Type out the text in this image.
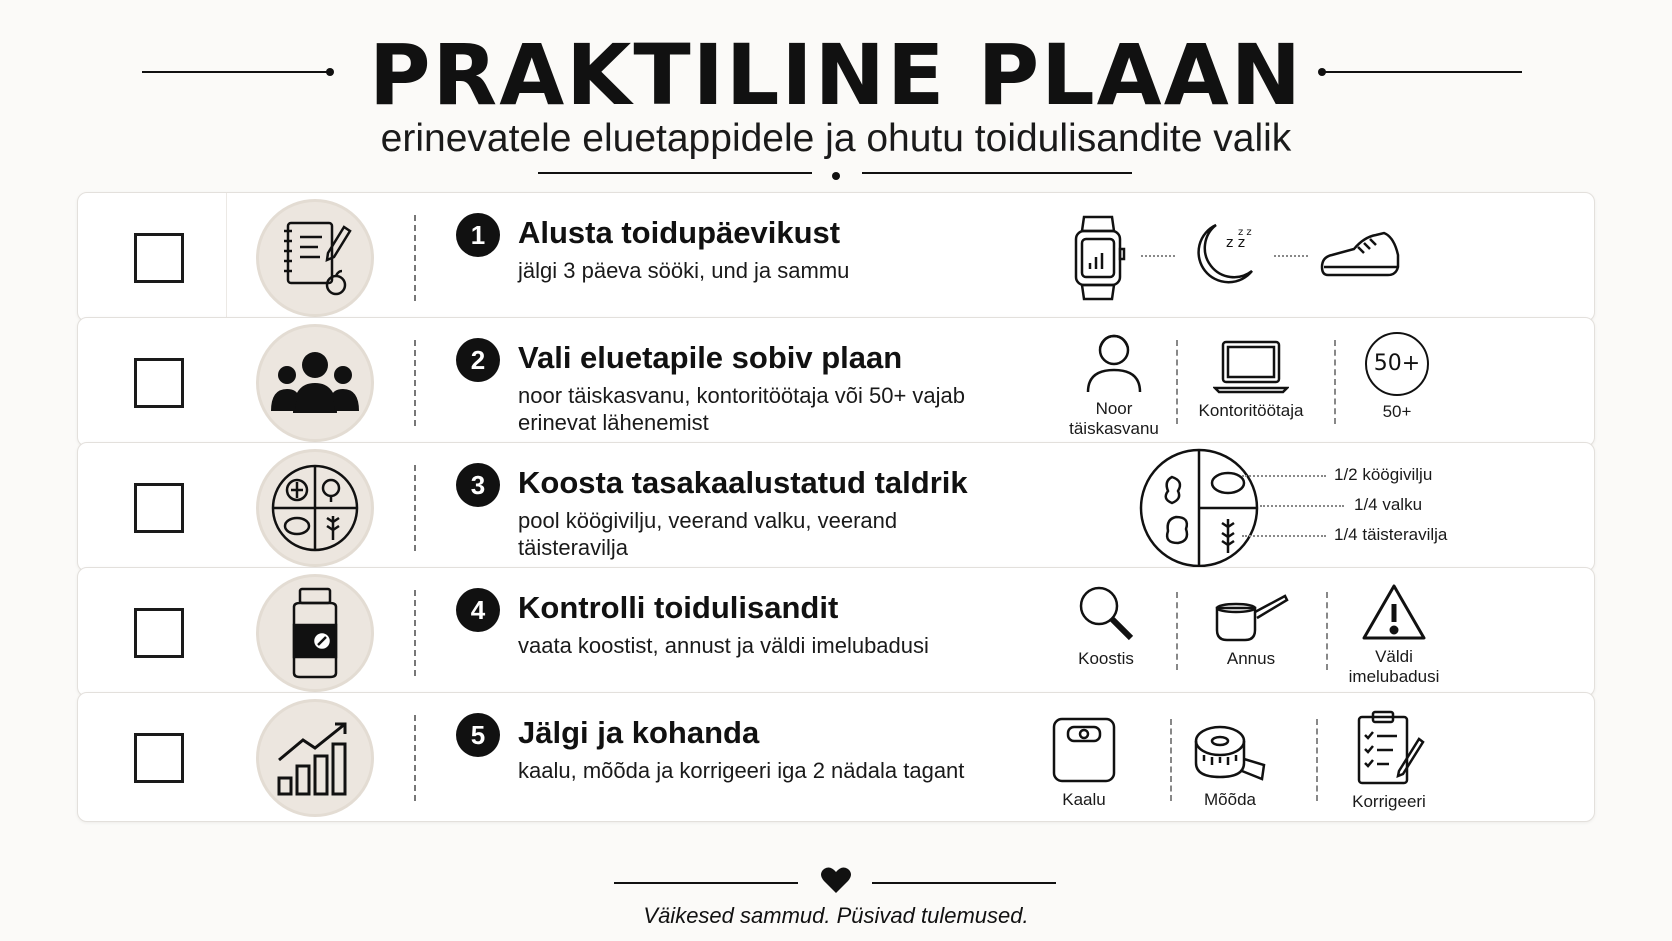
PRAKTILINE PLAAN
erinevatele eluetappidele ja ohutu toidulisandite valik
1	Alusta toidupäevikust
jälgi 3 päeva sööki, und ja sammu
z z
z z
2	Vali eluetapile sobiv plaan
noor täiskasvanu, kontoritöötaja või 50+ vajab erinevat lähenemist
Noor täiskasvanu
Kontoritöötaja
50+
50+
3	Koosta tasakaalustatud taldrik
pool köögivilju, veerand valku, veerand täisteravilja
1/2 köögivilju
1/4 valku
1/4 täisteravilja
4	Kontrolli toidulisandit
vaata koostist, annust ja väldi imelubadusi
Koostis	Annus	Väldi imelubadusi
5	Jälgi ja kohanda
kaalu, mõõda ja korrigeeri iga 2 nädala tagant
Kaalu	Mõõda	Korrigeeri
Väikesed sammud. Püsivad tulemused.
